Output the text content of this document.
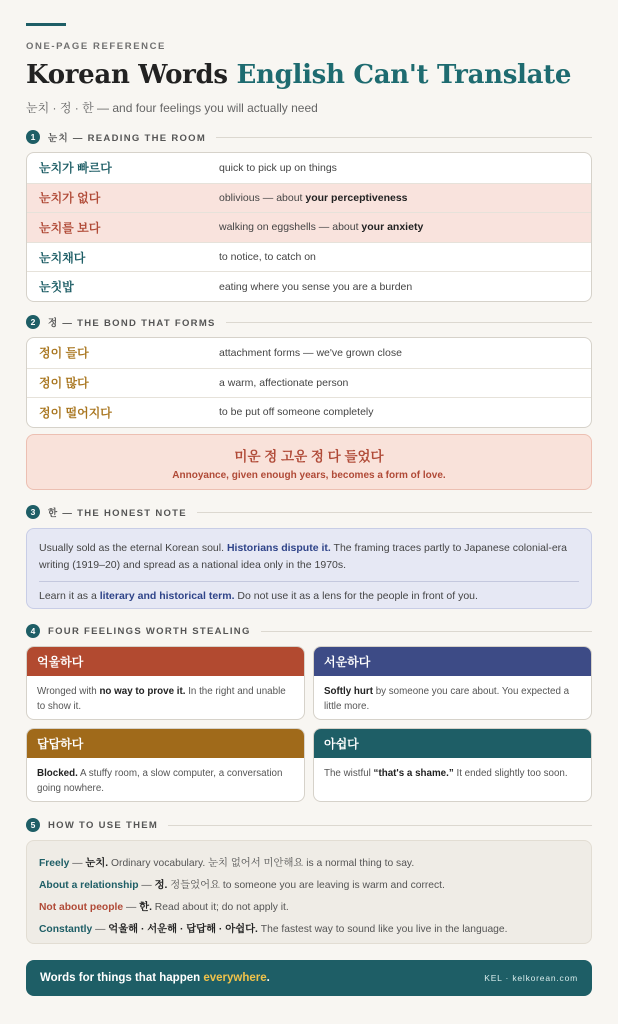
ONE-PAGE REFERENCE
Korean Words English Can't Translate
눈치 · 정 · 한 — and four feelings you will actually need
1	눈치 — READING THE ROOM
눈치가 빠르다	quick to pick up on things
눈치가 없다	oblivious — about your perceptiveness
눈치를 보다	walking on eggshells — about your anxiety
눈치채다	to notice, to catch on
눈칫밥	eating where you sense you are a burden
2	정 — THE BOND THAT FORMS
정이 들다	attachment forms — we've grown close
정이 많다	a warm, affectionate person
정이 떨어지다	to be put off someone completely
미운 정 고운 정 다 들었다
Annoyance, given enough years, becomes a form of love.
3	한 — THE HONEST NOTE

Usually sold as the eternal Korean soul. Historians dispute it. The framing traces partly to Japanese colonial-era writing (1919–20) and spread as a national idea only in the 1970s.

Learn it as a literary and historical term. Do not use it as a lens for the people in front of you.

4	FOUR FEELINGS WORTH STEALING
억울하다
Wronged with no way to prove it. In the right and unable to show it.
서운하다
Softly hurt by someone you care about. You expected a little more.
답답하다
Blocked. A stuffy room, a slow computer, a conversation going nowhere.
아쉽다
The wistful “that's a shame.” It ended slightly too soon.
5	HOW TO USE THEM
Freely — 눈치. Ordinary vocabulary. 눈치 없어서 미안해요 is a normal thing to say.
About a relationship — 정. 정들었어요 to someone you are leaving is warm and correct.
Not about people — 한. Read about it; do not apply it.
Constantly — 억울해 · 서운해 · 답답해 · 아쉽다. The fastest way to sound like you live in the language.
Words for things that happen everywhere.	KEL · kelkorean.com
